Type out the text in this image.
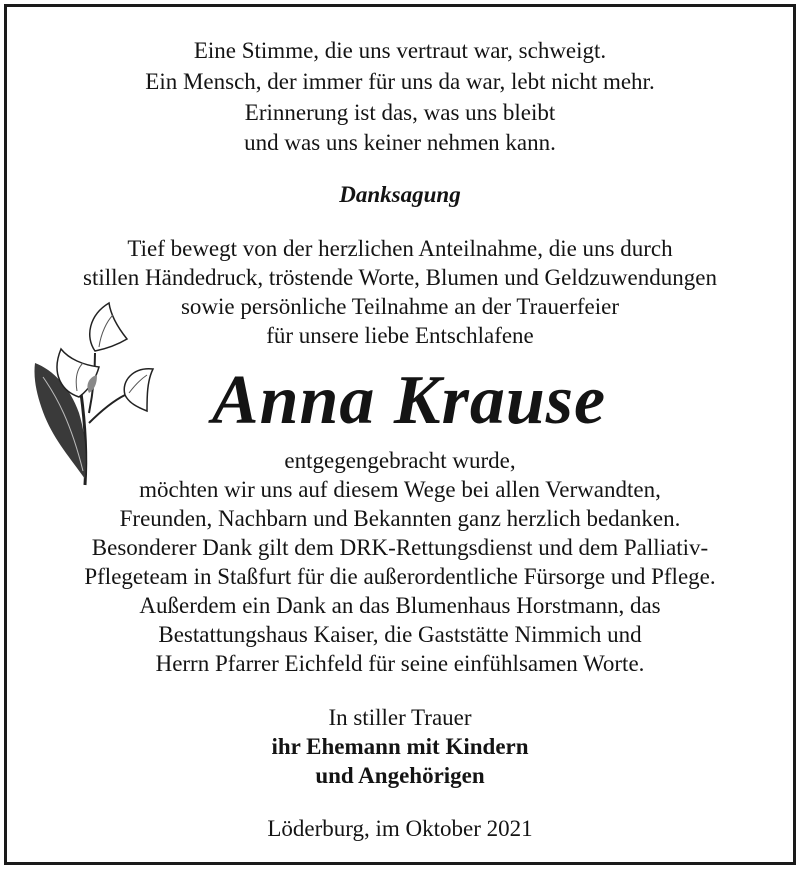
Eine Stimme, die uns vertraut war, schweigt.
Ein Mensch, der immer für uns da war, lebt nicht mehr.
Erinnerung ist das, was uns bleibt
und was uns keiner nehmen kann.
Danksagung
Tief bewegt von der herzlichen Anteilnahme, die uns durch
stillen Händedruck, tröstende Worte, Blumen und Geldzuwendungen
sowie persönliche Teilnahme an der Trauerfeier
für unsere liebe Entschlafene
Anna Krause
entgegengebracht wurde,
möchten wir uns auf diesem Wege bei allen Verwandten,
Freunden, Nachbarn und Bekannten ganz herzlich bedanken.
Besonderer Dank gilt dem DRK-Rettungsdienst und dem Palliativ-
Pflegeteam in Staßfurt für die außerordentliche Fürsorge und Pflege.
Außerdem ein Dank an das Blumenhaus Horstmann, das
Bestattungshaus Kaiser, die Gaststätte Nimmich und
Herrn Pfarrer Eichfeld für seine einfühlsamen Worte.
In stiller Trauer
ihr Ehemann mit Kindern
und Angehörigen
Löderburg, im Oktober 2021
